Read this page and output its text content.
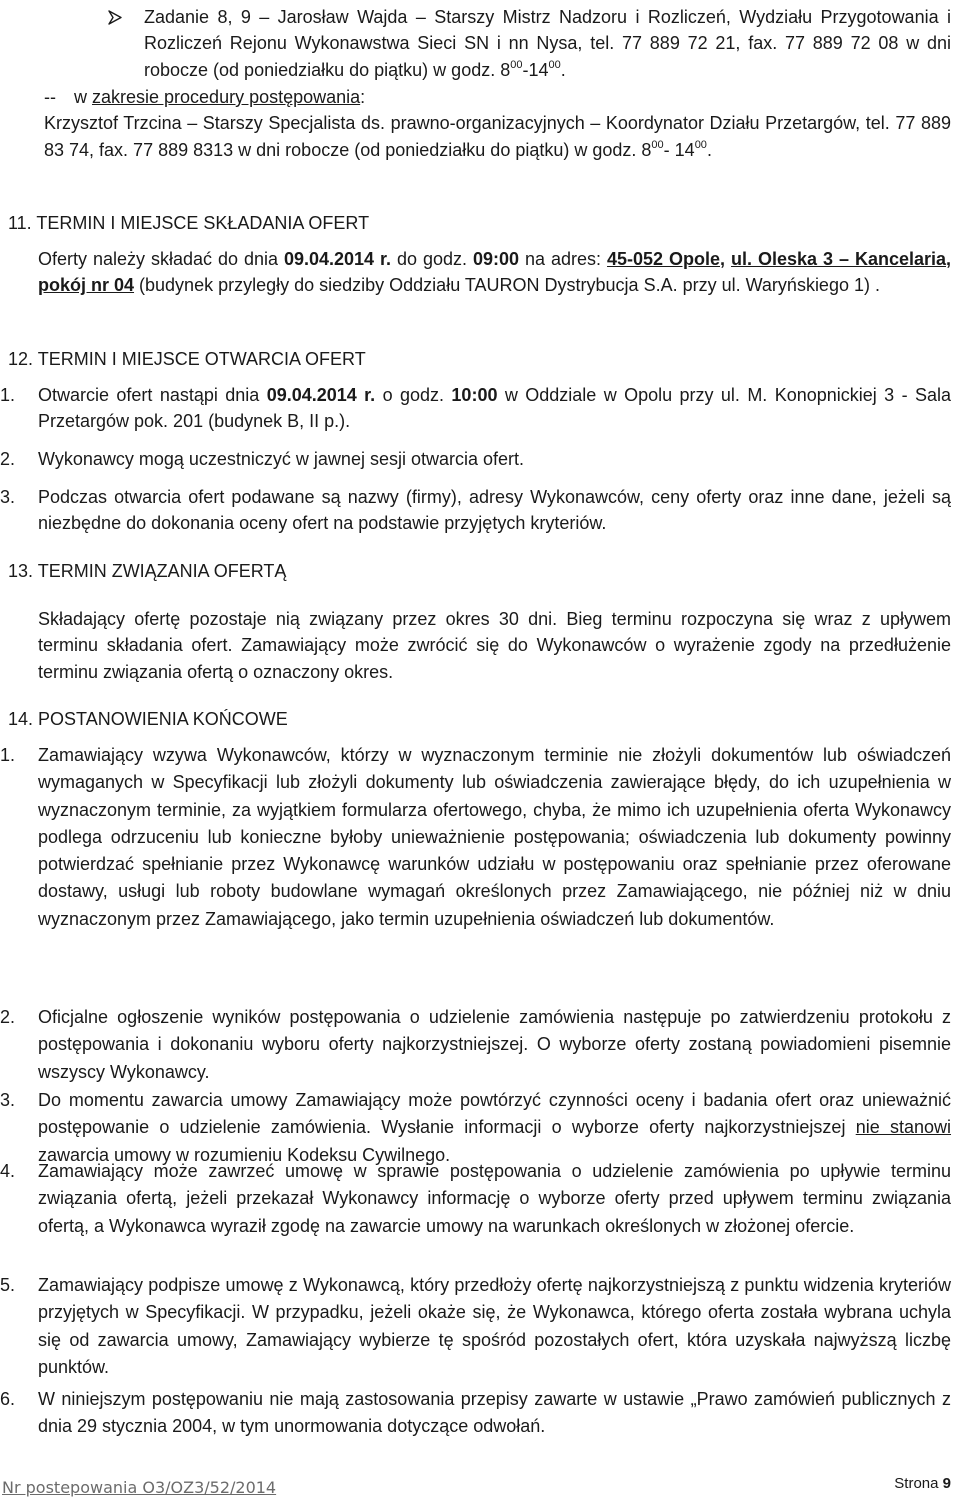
Zadanie 8, 9 – Jarosław Wajda – Starszy Mistrz Nadzoru i Rozliczeń, Wydziału Przygotowania i Rozliczeń Rejonu Wykonawstwa Sieci SN i nn Nysa, tel. 77 889 72 21, fax. 77 889 72 08 w dni robocze (od poniedziałku do piątku) w godz. $8^{00}-14^{00}$.
-
- w zakresie procedury postępowania:
Krzysztof Trzcina – Starszy Specjalista ds. prawno-organizacyjnych – Koordynator Działu Przetargów, tel. 77 889 83 74, fax. 77 889 8313 w dni robocze (od poniedziałku do piątku) w godz. $8^{00}-$ $14^{00}$.
11. TERMIN I MIEJSCE SKŁADANIA OFERT
Oferty należy składać do dnia 09.04.2014 r. do godz. 09:00 na adres: 45-052 Opole, ul. Oleska 3 – Kancelaria, pokój nr 04 (budynek przyległy do siedziby Oddziału TAURON Dystrybucja S.A. przy ul. Waryńskiego 1) .
12. TERMIN I MIEJSCE OTWARCIA OFERT
1. Otwarcie ofert nastąpi dnia 09.04.2014 r. o godz. 10:00 w Oddziale w Opolu przy ul. M. Konopnickiej 3 - Sala Przetargów pok. 201 (budynek B, II p.).
2. Wykonawcy mogą uczestniczyć w jawnej sesji otwarcia ofert.
3. Podczas otwarcia ofert podawane są nazwy (firmy), adresy Wykonawców, ceny oferty oraz inne dane, jeżeli są niezbędne do dokonania oceny ofert na podstawie przyjętych kryteriów.
13. TERMIN ZWIĄZANIA OFERTĄ
Składający ofertę pozostaje nią związany przez okres 30 dni. Bieg terminu rozpoczyna się wraz z upływem terminu składania ofert. Zamawiający może zwrócić się do Wykonawców o wyrażenie zgody na przedłużenie terminu związania ofertą o oznaczony okres.
14. POSTANOWIENIA KOŃCOWE
1. Zamawiający wzywa Wykonawców, którzy w wyznaczonym terminie nie złożyli dokumentów lub oświadczeń wymaganych w Specyfikacji lub złożyli dokumenty lub oświadczenia zawierające błędy, do ich uzupełnienia w wyznaczonym terminie, za wyjątkiem formularza ofertowego, chyba, że mimo ich uzupełnienia oferta Wykonawcy podlega odrzuceniu lub konieczne byłoby unieważnienie postępowania; oświadczenia lub dokumenty powinny potwierdzać spełnianie przez Wykonawcę warunków udziału w postępowaniu oraz spełnianie przez oferowane dostawy, usługi lub roboty budowlane wymagań określonych przez Zamawiającego, nie później niż w dniu wyznaczonym przez Zamawiającego, jako termin uzupełnienia oświadczeń lub dokumentów.
2. Oficjalne ogłoszenie wyników postępowania o udzielenie zamówienia następuje po zatwierdzeniu protokołu z postępowania i dokonaniu wyboru oferty najkorzystniejszej. O wyborze oferty zostaną powiadomieni pisemnie wszyscy Wykonawcy.
3. Do momentu zawarcia umowy Zamawiający może powtórzyć czynności oceny i badania ofert oraz unieważnić postępowanie o udzielenie zamówienia. Wysłanie informacji o wyborze oferty najkorzystniejszej nie stanowi zawarcia umowy w rozumieniu Kodeksu Cywilnego.
4. Zamawiający może zawrzeć umowę w sprawie postępowania o udzielenie zamówienia po upływie terminu związania ofertą, jeżeli przekazał Wykonawcy informację o wyborze oferty przed upływem terminu związania ofertą, a Wykonawca wyraził zgodę na zawarcie umowy na warunkach określonych w złożonej ofercie.
5. Zamawiający podpisze umowę z Wykonawcą, który przedłoży ofertę najkorzystniejszą z punktu widzenia kryteriów przyjętych w Specyfikacji. W przypadku, jeżeli okaże się, że Wykonawca, którego oferta została wybrana uchyla się od zawarcia umowy, Zamawiający wybierze tę spośród pozostałych ofert, która uzyskała najwyższą liczbę punktów.
6. W niniejszym postępowaniu nie mają zastosowania przepisy zawarte w ustawie „Prawo zamówień publicznych z dnia 29 stycznia 2004, w tym unormowania dotyczące odwołań.
Nr postepowania O3/OZ3/52/2014	Strona 9
